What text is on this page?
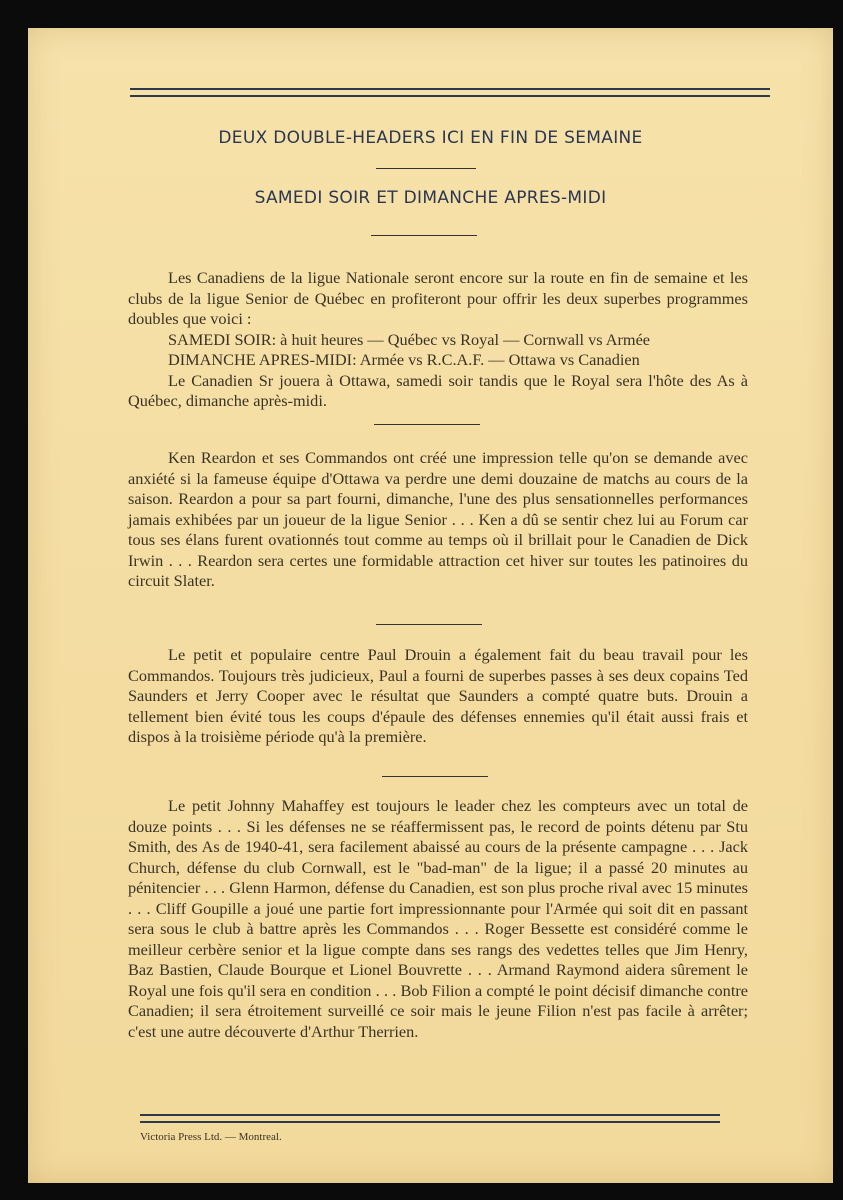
DEUX DOUBLE-HEADERS ICI EN FIN DE SEMAINE
SAMEDI SOIR ET DIMANCHE APRES-MIDI

Les Canadiens de la ligue Nationale seront encore sur la route en fin de semaine et les clubs de la ligue Senior de Québec en profiteront pour offrir les deux superbes programmes doubles que voici :

SAMEDI SOIR: à huit heures — Québec vs Royal — Cornwall vs Armée

DIMANCHE APRES-MIDI: Armée vs R.C.A.F. — Ottawa vs Canadien

Le Canadien Sr jouera à Ottawa, samedi soir tandis que le Royal sera l'hôte des As à Québec, dimanche après-midi.

Ken Reardon et ses Commandos ont créé une impression telle qu'on se demande avec anxiété si la fameuse équipe d'Ottawa va perdre une demi douzaine de matchs au cours de la saison. Reardon a pour sa part fourni, dimanche, l'une des plus sensationnelles performances jamais exhibées par un joueur de la ligue Senior . . . Ken a dû se sentir chez lui au Forum car tous ses élans furent ovationnés tout comme au temps où il brillait pour le Canadien de Dick Irwin . . . Reardon sera certes une formidable attraction cet hiver sur toutes les patinoires du circuit Slater.

Le petit et populaire centre Paul Drouin a également fait du beau travail pour les Commandos. Toujours très judicieux, Paul a fourni de superbes passes à ses deux copains Ted Saunders et Jerry Cooper avec le résultat que Saunders a compté quatre buts. Drouin a tellement bien évité tous les coups d'épaule des défenses ennemies qu'il était aussi frais et dispos à la troisième période qu'à la première.

Le petit Johnny Mahaffey est toujours le leader chez les compteurs avec un total de douze points . . . Si les défenses ne se réaffermissent pas, le record de points détenu par Stu Smith, des As de 1940-41, sera facilement abaissé au cours de la présente campagne . . . Jack Church, défense du club Cornwall, est le "bad-man" de la ligue; il a passé 20 minutes au pénitencier . . . Glenn Harmon, défense du Canadien, est son plus proche rival avec 15 minutes . . . Cliff Goupille a joué une partie fort impressionnante pour l'Armée qui soit dit en passant sera sous le club à battre après les Commandos . . . Roger Bessette est considéré comme le meilleur cerbère senior et la ligue compte dans ses rangs des vedettes telles que Jim Henry, Baz Bastien, Claude Bourque et Lionel Bouvrette . . . Armand Raymond aidera sûrement le Royal une fois qu'il sera en condition . . . Bob Filion a compté le point décisif dimanche contre Canadien; il sera étroitement surveillé ce soir mais le jeune Filion n'est pas facile à arrêter; c'est une autre découverte d'Arthur Therrien.

Victoria Press Ltd. — Montreal.
